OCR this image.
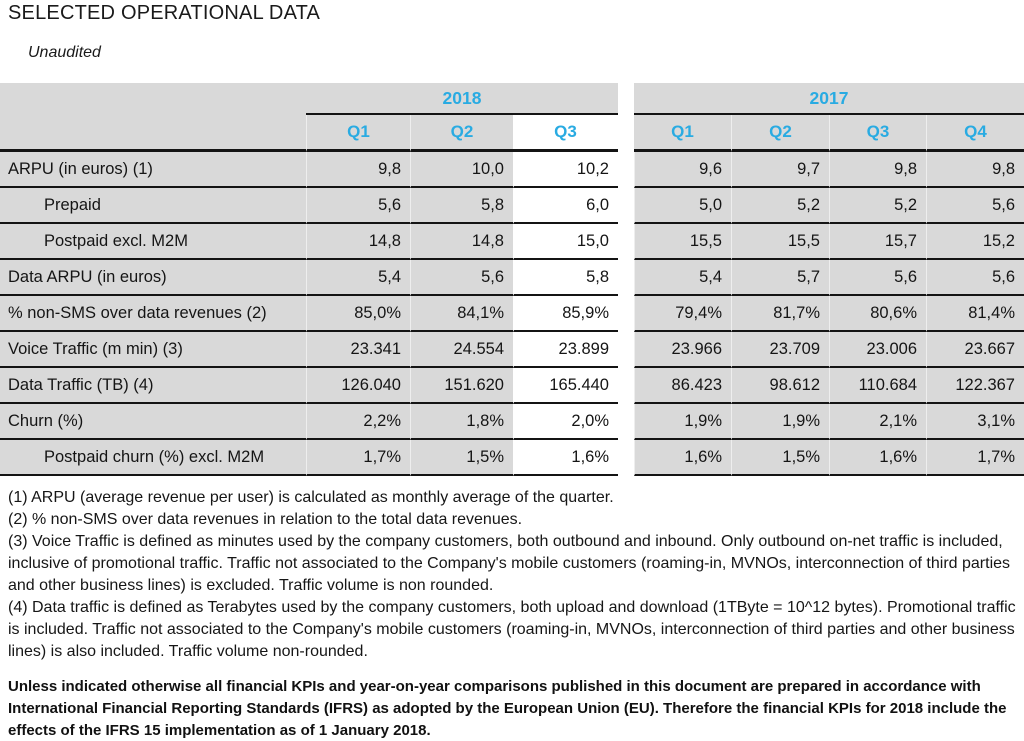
SELECTED OPERATIONAL DATA
Unaudited
2018	2017
Q1	Q2	Q3	Q1	Q2	Q3	Q4
ARPU (in euros) (1)	9,8	10,0	10,2	9,6	9,7	9,8	9,8
Prepaid	5,6	5,8	6,0	5,0	5,2	5,2	5,6
Postpaid excl. M2M	14,8	14,8	15,0	15,5	15,5	15,7	15,2
Data ARPU (in euros)	5,4	5,6	5,8	5,4	5,7	5,6	5,6
% non-SMS over data revenues (2)	85,0%	84,1%	85,9%	79,4%	81,7%	80,6%	81,4%
Voice Traffic (m min) (3)	23.341	24.554	23.899	23.966	23.709	23.006	23.667
Data Traffic (TB) (4)	126.040	151.620	165.440	86.423	98.612	110.684	122.367
Churn (%)	2,2%	1,8%	2,0%	1,9%	1,9%	2,1%	3,1%
Postpaid churn (%) excl. M2M	1,7%	1,5%	1,6%	1,6%	1,5%	1,6%	1,7%

(1) ARPU (average revenue per user) is calculated as monthly average of the quarter.

(2) % non-SMS over data revenues in relation to the total data revenues.

(3) Voice Traffic is defined as minutes used by the company customers, both outbound and inbound. Only outbound on-net traffic is included, inclusive of promotional traffic. Traffic not associated to the Company's mobile customers (roaming-in, MVNOs, interconnection of third parties and other business lines) is excluded. Traffic volume is non rounded.

(4) Data traffic is defined as Terabytes used by the company customers, both upload and download (1TByte = 10^12 bytes). Promotional traffic is included. Traffic not associated to the Company's mobile customers (roaming-in, MVNOs, interconnection of third parties and other business lines) is also included. Traffic volume non-rounded.

Unless indicated otherwise all financial KPIs and year-on-year comparisons published in this document are prepared in accordance with International Financial Reporting Standards (IFRS) as adopted by the European Union (EU). Therefore the financial KPIs for 2018 include the effects of the IFRS 15 implementation as of 1 January 2018.
